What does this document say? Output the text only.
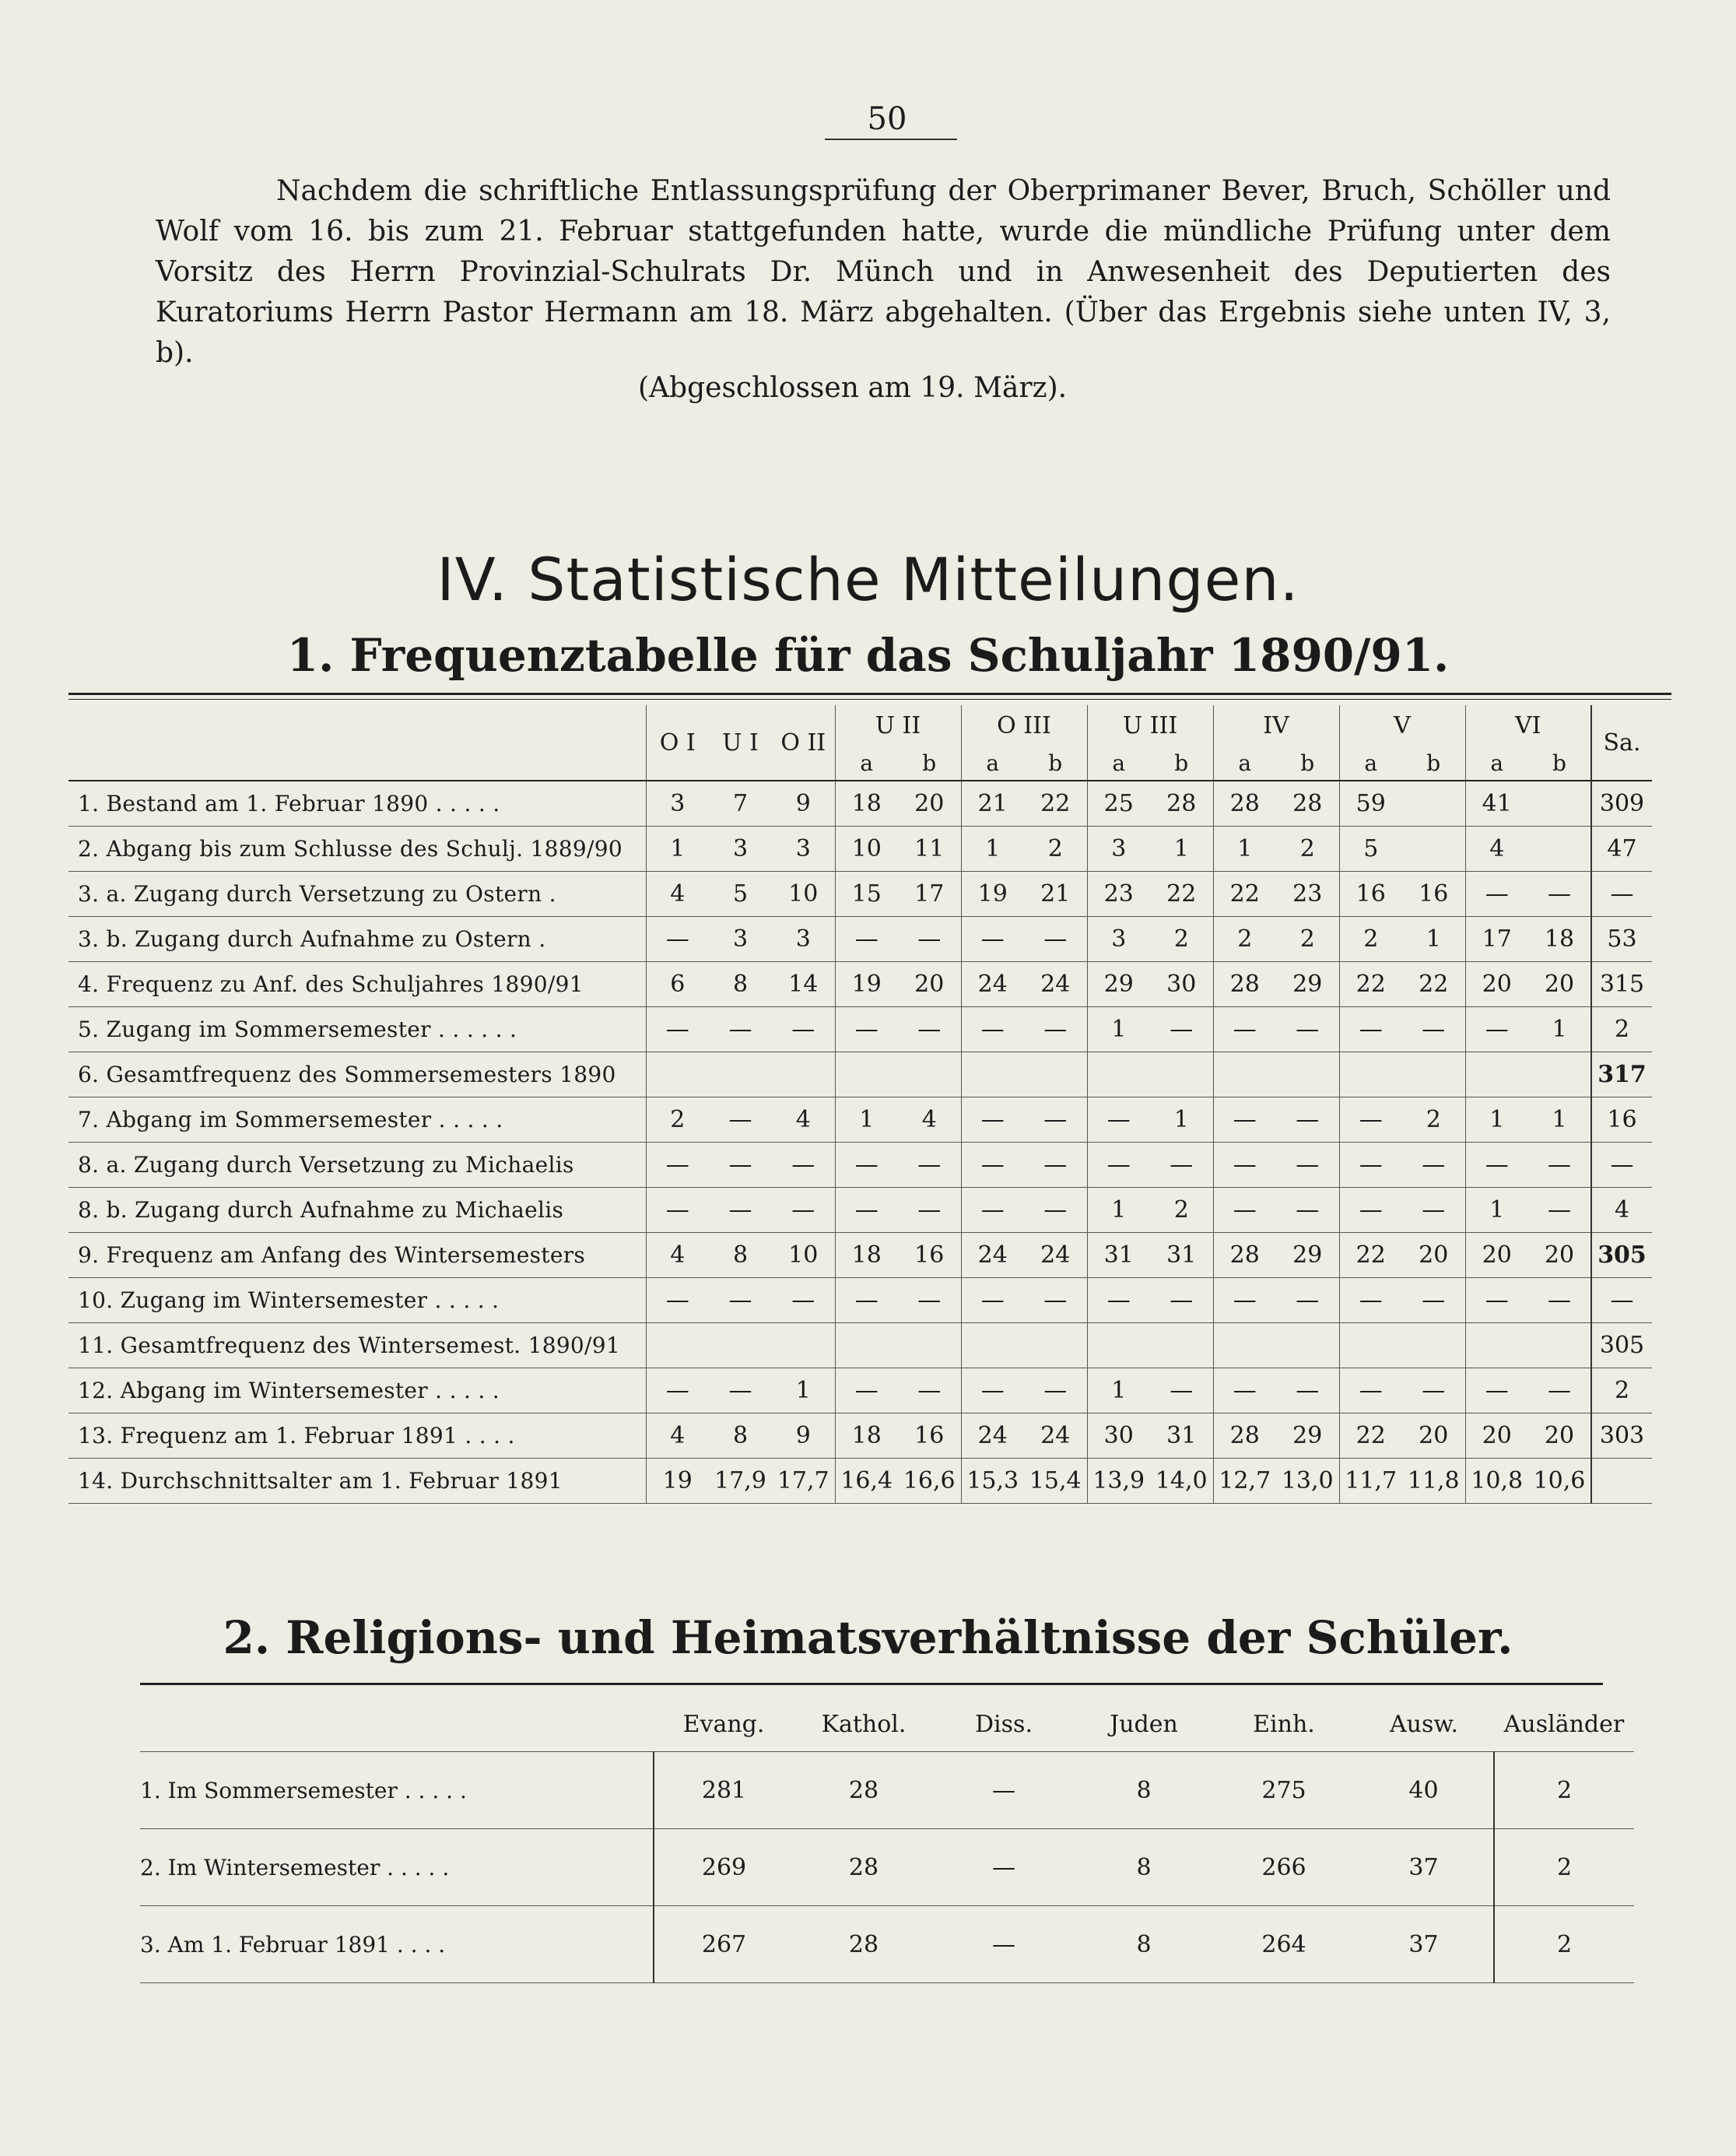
50

Nachdem die schriftliche Entlassungsprüfung der Oberprimaner Bever, Bruch, Schöller und Wolf vom 16. bis zum 21. Februar stattgefunden hatte, wurde die mündliche Prüfung unter dem Vorsitz des Herrn Provinzial-Schulrats Dr. Münch und in Anwesenheit des Deputierten des Kuratoriums Herrn Pastor Hermann am 18. März abgehalten. (Über das Ergebnis siehe unten IV, 3, b).

(Abgeschlossen am 19. März).
IV. Statistische Mitteilungen.
1. Frequenztabelle für das Schuljahr 1890/91.
	O I	U I	O II	U II		O III		U III		IV		V		VI		Sa.
				a	b	a	b	a	b	a	b	a	b	a	b	
1. Bestand am 1. Februar 1890 . . . . .	3	7	9	18	20	21	22	25	28	28	28	59		41		309
2. Abgang bis zum Schlusse des Schulj. 1889/90	1	3	3	10	11	1	2	3	1	1	2	5		4		47
3. a. Zugang durch Versetzung zu Ostern .	4	5	10	15	17	19	21	23	22	22	23	16	16	—	—	—
3. b. Zugang durch Aufnahme zu Ostern .	—	3	3	—	—	—	—	3	2	2	2	2	1	17	18	53
4. Frequenz zu Anf. des Schuljahres 1890/91	6	8	14	19	20	24	24	29	30	28	29	22	22	20	20	315
5. Zugang im Sommersemester . . . . . .	—	—	—	—	—	—	—	1	—	—	—	—	—	—	1	2
6. Gesamtfrequenz des Sommersemesters 1890																317
7. Abgang im Sommersemester . . . . .	2	—	4	1	4	—	—	—	1	—	—	—	2	1	1	16
8. a. Zugang durch Versetzung zu Michaelis	—	—	—	—	—	—	—	—	—	—	—	—	—	—	—	—
8. b. Zugang durch Aufnahme zu Michaelis	—	—	—	—	—	—	—	1	2	—	—	—	—	1	—	4
9. Frequenz am Anfang des Wintersemesters	4	8	10	18	16	24	24	31	31	28	29	22	20	20	20	305
10. Zugang im Wintersemester . . . . .	—	—	—	—	—	—	—	—	—	—	—	—	—	—	—	—
11. Gesamtfrequenz des Wintersemest. 1890/91																305
12. Abgang im Wintersemester . . . . .	—	—	1	—	—	—	—	1	—	—	—	—	—	—	—	2
13. Frequenz am 1. Februar 1891 . . . .	4	8	9	18	16	24	24	30	31	28	29	22	20	20	20	303
14. Durchschnittsalter am 1. Februar 1891	19	17,9	17,7	16,4	16,6	15,3	15,4	13,9	14,0	12,7	13,0	11,7	11,8	10,8	10,6	
2. Religions- und Heimatsverhältnisse der Schüler.
	Evang.	Kathol.	Diss.	Juden	Einh.	Ausw.	Ausländer
1. Im Sommersemester . . . . .	281	28	—	8	275	40	2
2. Im Wintersemester . . . . .	269	28	—	8	266	37	2
3. Am 1. Februar 1891 . . . .	267	28	—	8	264	37	2
